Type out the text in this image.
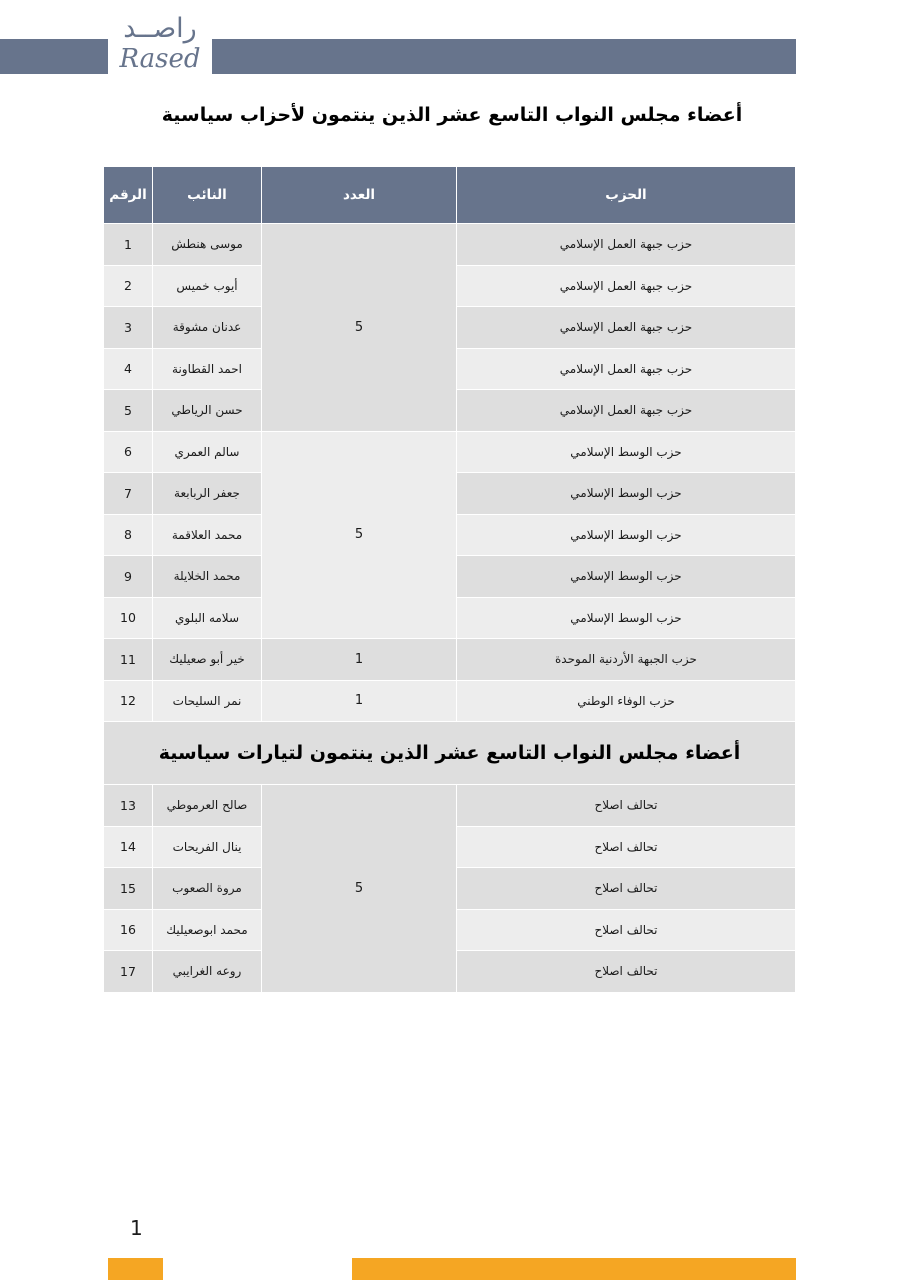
راصــد
Rased
أعضاء مجلس النواب التاسع عشر الذين ينتمون لأحزاب سياسية
الحزب	العدد	النائب	الرقم
حزب جبهة العمل الإسلامي	5	موسى هنطش	1
حزب جبهة العمل الإسلامي		أيوب خميس	2
حزب جبهة العمل الإسلامي		عدنان مشوقة	3
حزب جبهة العمل الإسلامي		احمد القطاونة	4
حزب جبهة العمل الإسلامي		حسن الرياطي	5
حزب الوسط الإسلامي	5	سالم العمري	6
حزب الوسط الإسلامي		جعفر الربابعة	7
حزب الوسط الإسلامي		محمد العلاقمة	8
حزب الوسط الإسلامي		محمد الخلايلة	9
حزب الوسط الإسلامي		سلامه البلوي	10
حزب الجبهة الأردنية الموحدة	1	خير أبو صعيليك	11
حزب الوفاء الوطني	1	نمر السليحات	12
أعضاء مجلس النواب التاسع عشر الذين ينتمون لتيارات سياسية			
تحالف اصلاح	5	صالح العرموطي	13
تحالف اصلاح		ينال الفريحات	14
تحالف اصلاح		مروة الصعوب	15
تحالف اصلاح		محمد ابوصعيليك	16
تحالف اصلاح		روعه الغرايبي	17
1
